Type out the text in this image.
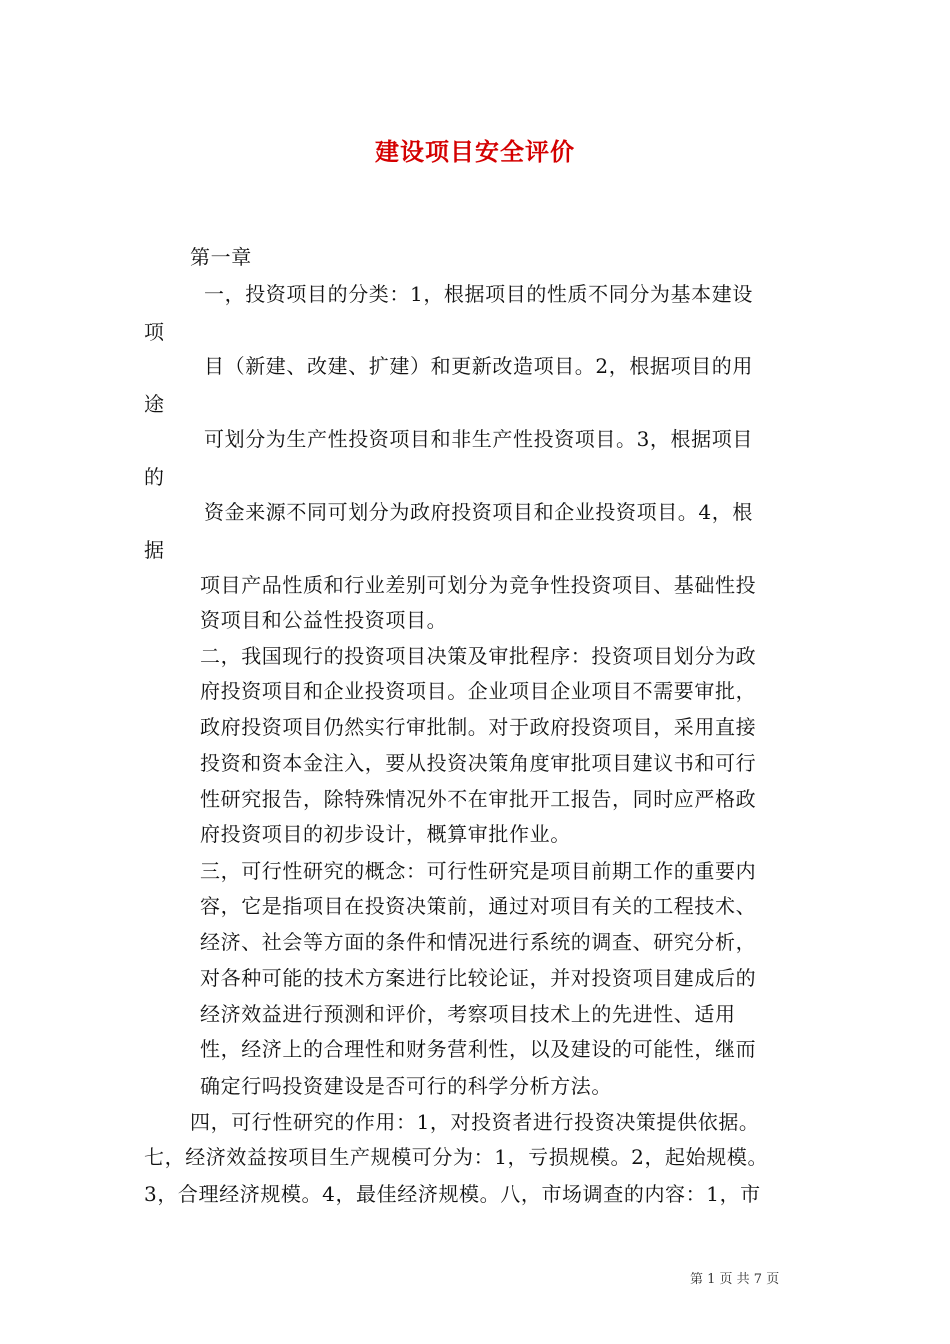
建设项目安全评价
第一章
一，投资项目的分类：1，根据项目的性质不同分为基本建设
项
目（新建、改建、扩建）和更新改造项目。2，根据项目的用
途
可划分为生产性投资项目和非生产性投资项目。3，根据项目
的
资金来源不同可划分为政府投资项目和企业投资项目。4，根
据
项目产品性质和行业差别可划分为竞争性投资项目、基础性投
资项目和公益性投资项目。
二，我国现行的投资项目决策及审批程序：投资项目划分为政
府投资项目和企业投资项目。企业项目企业项目不需要审批，
政府投资项目仍然实行审批制。对于政府投资项目，采用直接
投资和资本金注入，要从投资决策角度审批项目建议书和可行
性研究报告，除特殊情况外不在审批开工报告，同时应严格政
府投资项目的初步设计，概算审批作业。
三，可行性研究的概念：可行性研究是项目前期工作的重要内
容，它是指项目在投资决策前，通过对项目有关的工程技术、
经济、社会等方面的条件和情况进行系统的调查、研究分析，
对各种可能的技术方案进行比较论证，并对投资项目建成后的
经济效益进行预测和评价，考察项目技术上的先进性、适用
性，经济上的合理性和财务营利性，以及建设的可能性，继而
确定行吗投资建设是否可行的科学分析方法。
四，可行性研究的作用：1，对投资者进行投资决策提供依据。
七，经济效益按项目生产规模可分为：1，亏损规模。2，起始规模。
3，合理经济规模。4，最佳经济规模。八，市场调查的内容：1，市
第 1 页 共 7 页
